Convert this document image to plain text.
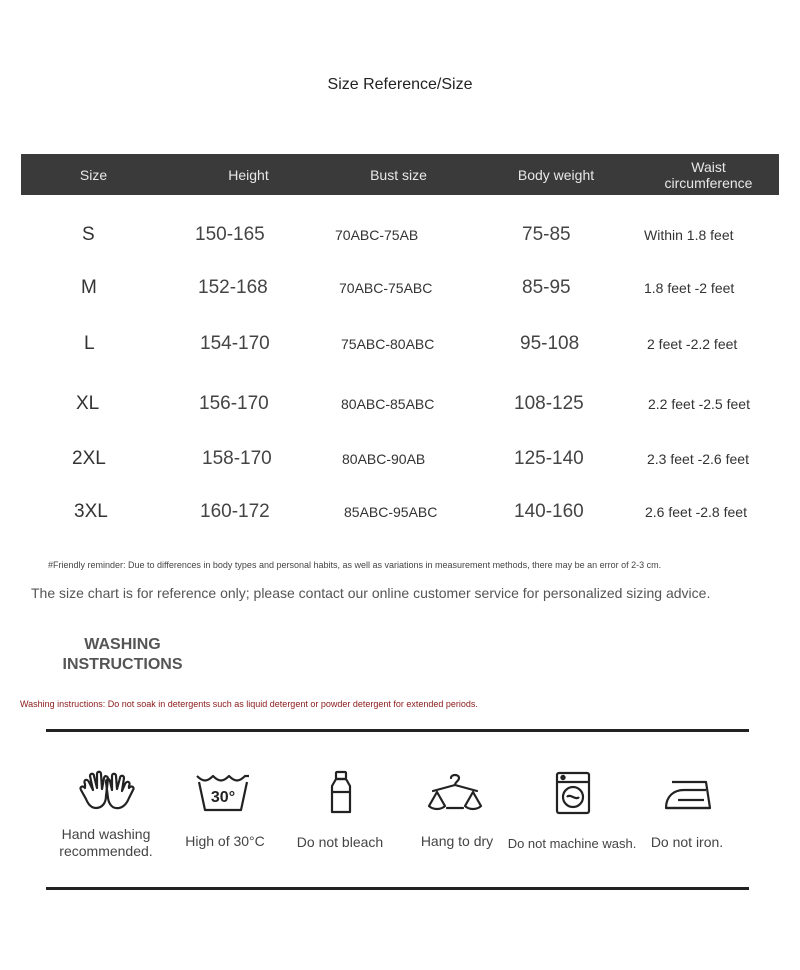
Size Reference/Size
Size	Height	Bust size	Body weight	Waist circumference
S	150-165	70ABC-75AB	75-85	Within 1.8 feet
M	152-168	70ABC-75ABC	85-95	1.8 feet -2 feet
L	154-170	75ABC-80ABC	95-108	2 feet -2.2 feet
XL	156-170	80ABC-85ABC	108-125	2.2 feet -2.5 feet
2XL	158-170	80ABC-90AB	125-140	2.3 feet -2.6 feet
3XL	160-172	85ABC-95ABC	140-160	2.6 feet -2.8 feet
#Friendly reminder: Due to differences in body types and personal habits, as well as variations in measurement methods, there may be an error of 2-3 cm.
The size chart is for reference only; please contact our online customer service for personalized sizing advice.
WASHING INSTRUCTIONS
Washing instructions: Do not soak in detergents such as liquid detergent or powder detergent for extended periods.
30°
Hand washing recommended.
High of 30°C	Do not bleach	Hang to dry	Do not machine wash.	Do not iron.
